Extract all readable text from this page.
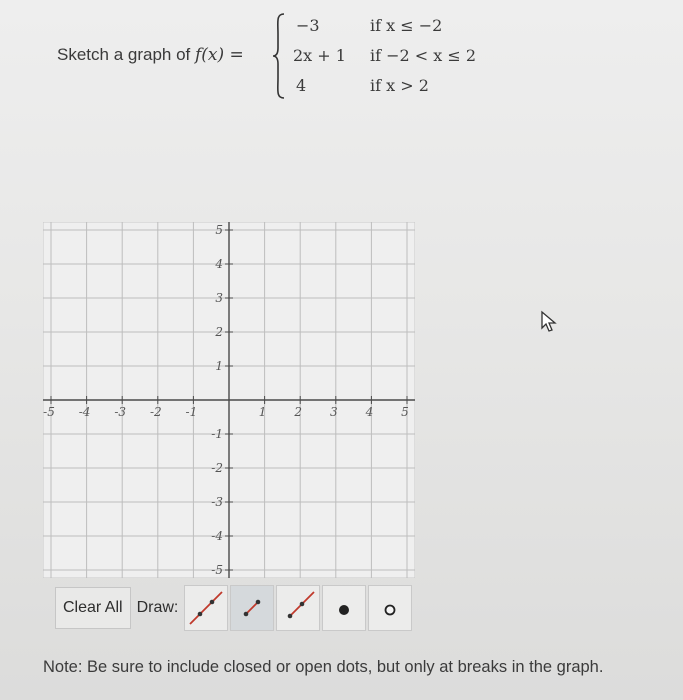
Sketch a graph of f(x) =
−3	if x ≤ −2
2x + 1 if −2 < x ≤ 2
4	if x > 2
-5 -4 -3 -2 -1	1 2 3 4 5
5
4
3
2
1
-1
-2
-3
-4
-5
Clear All Draw:
Note: Be sure to include closed or open dots, but only at breaks in the graph.
